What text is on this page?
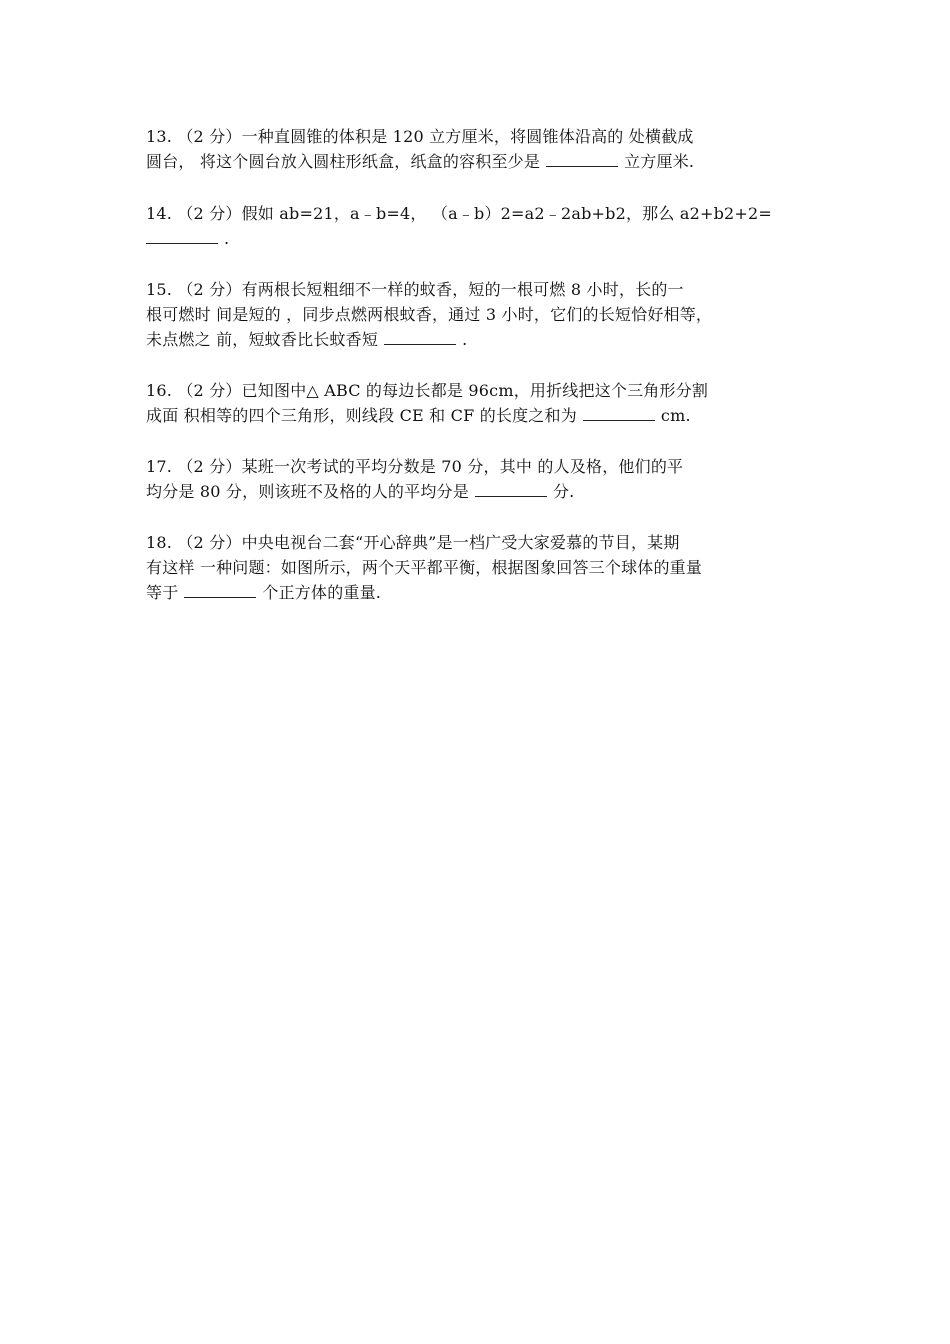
13. （2 分）一种直圆锥的体积是 120 立方厘米，将圆锥体沿高的 处横截成
圆台， 将这个圆台放入圆柱形纸盒，纸盒的容积至少是	立方厘米.
14. （2 分）假如 ab=21，a﹣b=4， （a﹣b）2=a2﹣2ab+b2，那么 a2+b2+2=
.
15. （2 分）有两根长短粗细不一样的蚊香，短的一根可燃 8 小时，长的一
根可燃时 间是短的 ，同步点燃两根蚊香，通过 3 小时，它们的长短恰好相等，
未点燃之 前，短蚊香比长蚊香短	.
16. （2 分）已知图中△ ABC 的每边长都是 96cm，用折线把这个三角形分割
成面 积相等的四个三角形，则线段 CE 和 CF 的长度之和为	cm.
17. （2 分）某班一次考试的平均分数是 70 分，其中 的人及格，他们的平
均分是 80 分，则该班不及格的人的平均分是	分.
18. （2 分）中央电视台二套“开心辞典”是一档广受大家爱慕的节目，某期
有这样 一种问题：如图所示，两个天平都平衡，根据图象回答三个球体的重量
等于	个正方体的重量.
